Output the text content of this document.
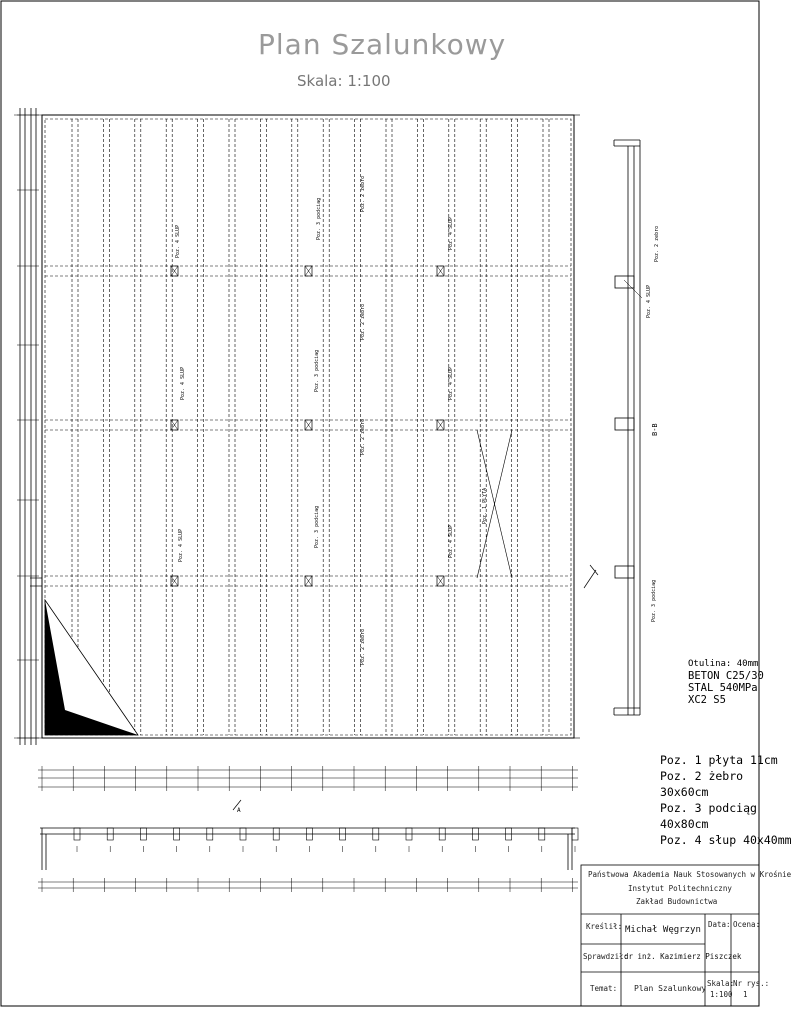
Poz. 4 SLUP	Poz. 4 SLUP
Poz. 4 SLUP	Poz. 4 SLUP
Poz. 4 SLUP	Poz. 4 SLUP
Poz. 3 podciag
Poz. 3 podciag
Poz. 3 podciag
Poz. 2 zebro
Poz. 2 zebro
Poz. 2 zebro
Poz. 2 zebro
Poz. 1 PLYTA
B-B
Poz. 2 zebro
Poz. 4 SLUP
Poz. 3 podciag
A
Plan Szalunkowy
Skala: 1:100
Otulina: 40mm
BETON C25/30
STAL 540MPa
XC2 S5
Poz. 1 płyta 11cm
Poz. 2 żebro
30x60cm
Poz. 3 podciąg
40x80cm
Poz. 4 słup 40x40mm
Państwowa Akademia Nauk Stosowanych w Krośnie
Instytut Politechniczny
Zakład Budownictwa
Kreślił: Michał Węgrzyn
Data: Ocena:
Sprawdził:
dr inż. Kazimierz Piszczek
Temat: Plan Szalunkowy
Skala:
1:100
Nr rys.:
1
